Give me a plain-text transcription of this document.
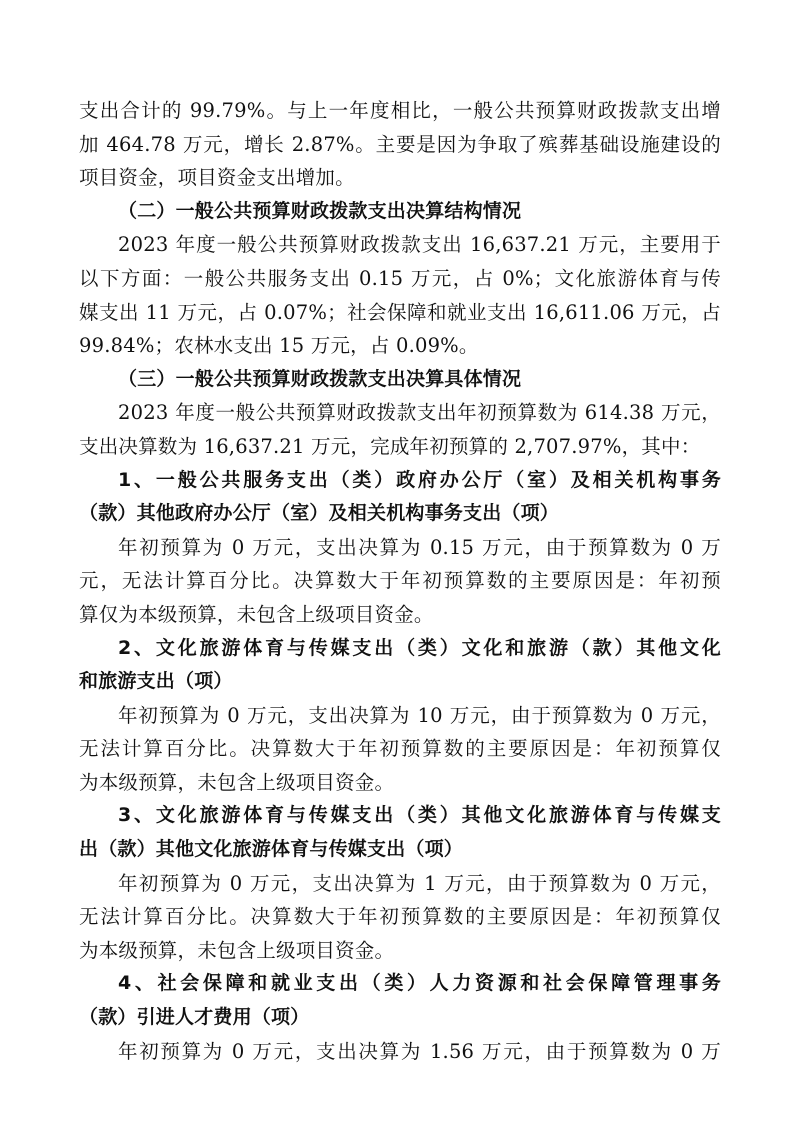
支出合计的 99.79%。与上一年度相比，一般公共预算财政拨款支出增
加 464.78 万元，增长 2.87%。主要是因为争取了殡葬基础设施建设的
项目资金，项目资金支出增加。
（二）一般公共预算财政拨款支出决算结构情况
2023 年度一般公共预算财政拨款支出 16,637.21 万元，主要用于
以下方面：一般公共服务支出 0.15 万元，占 0%；文化旅游体育与传
媒支出 11 万元，占 0.07%；社会保障和就业支出 16,611.06 万元，占
99.84%；农林水支出 15 万元，占 0.09%。
（三）一般公共预算财政拨款支出决算具体情况
2023 年度一般公共预算财政拨款支出年初预算数为 614.38 万元，
支出决算数为 16,637.21 万元，完成年初预算的 2,707.97%，其中：
1、一般公共服务支出（类）政府办公厅（室）及相关机构事务
（款）其他政府办公厅（室）及相关机构事务支出（项）
年初预算为 0 万元，支出决算为 0.15 万元，由于预算数为 0 万
元，无法计算百分比。决算数大于年初预算数的主要原因是：年初预
算仅为本级预算，未包含上级项目资金。
2、文化旅游体育与传媒支出（类）文化和旅游（款）其他文化
和旅游支出（项）
年初预算为 0 万元，支出决算为 10 万元，由于预算数为 0 万元，
无法计算百分比。决算数大于年初预算数的主要原因是：年初预算仅
为本级预算，未包含上级项目资金。
3、文化旅游体育与传媒支出（类）其他文化旅游体育与传媒支
出（款）其他文化旅游体育与传媒支出（项）
年初预算为 0 万元，支出决算为 1 万元，由于预算数为 0 万元，
无法计算百分比。决算数大于年初预算数的主要原因是：年初预算仅
为本级预算，未包含上级项目资金。
4、社会保障和就业支出（类）人力资源和社会保障管理事务
（款）引进人才费用（项）
年初预算为 0 万元，支出决算为 1.56 万元，由于预算数为 0 万
